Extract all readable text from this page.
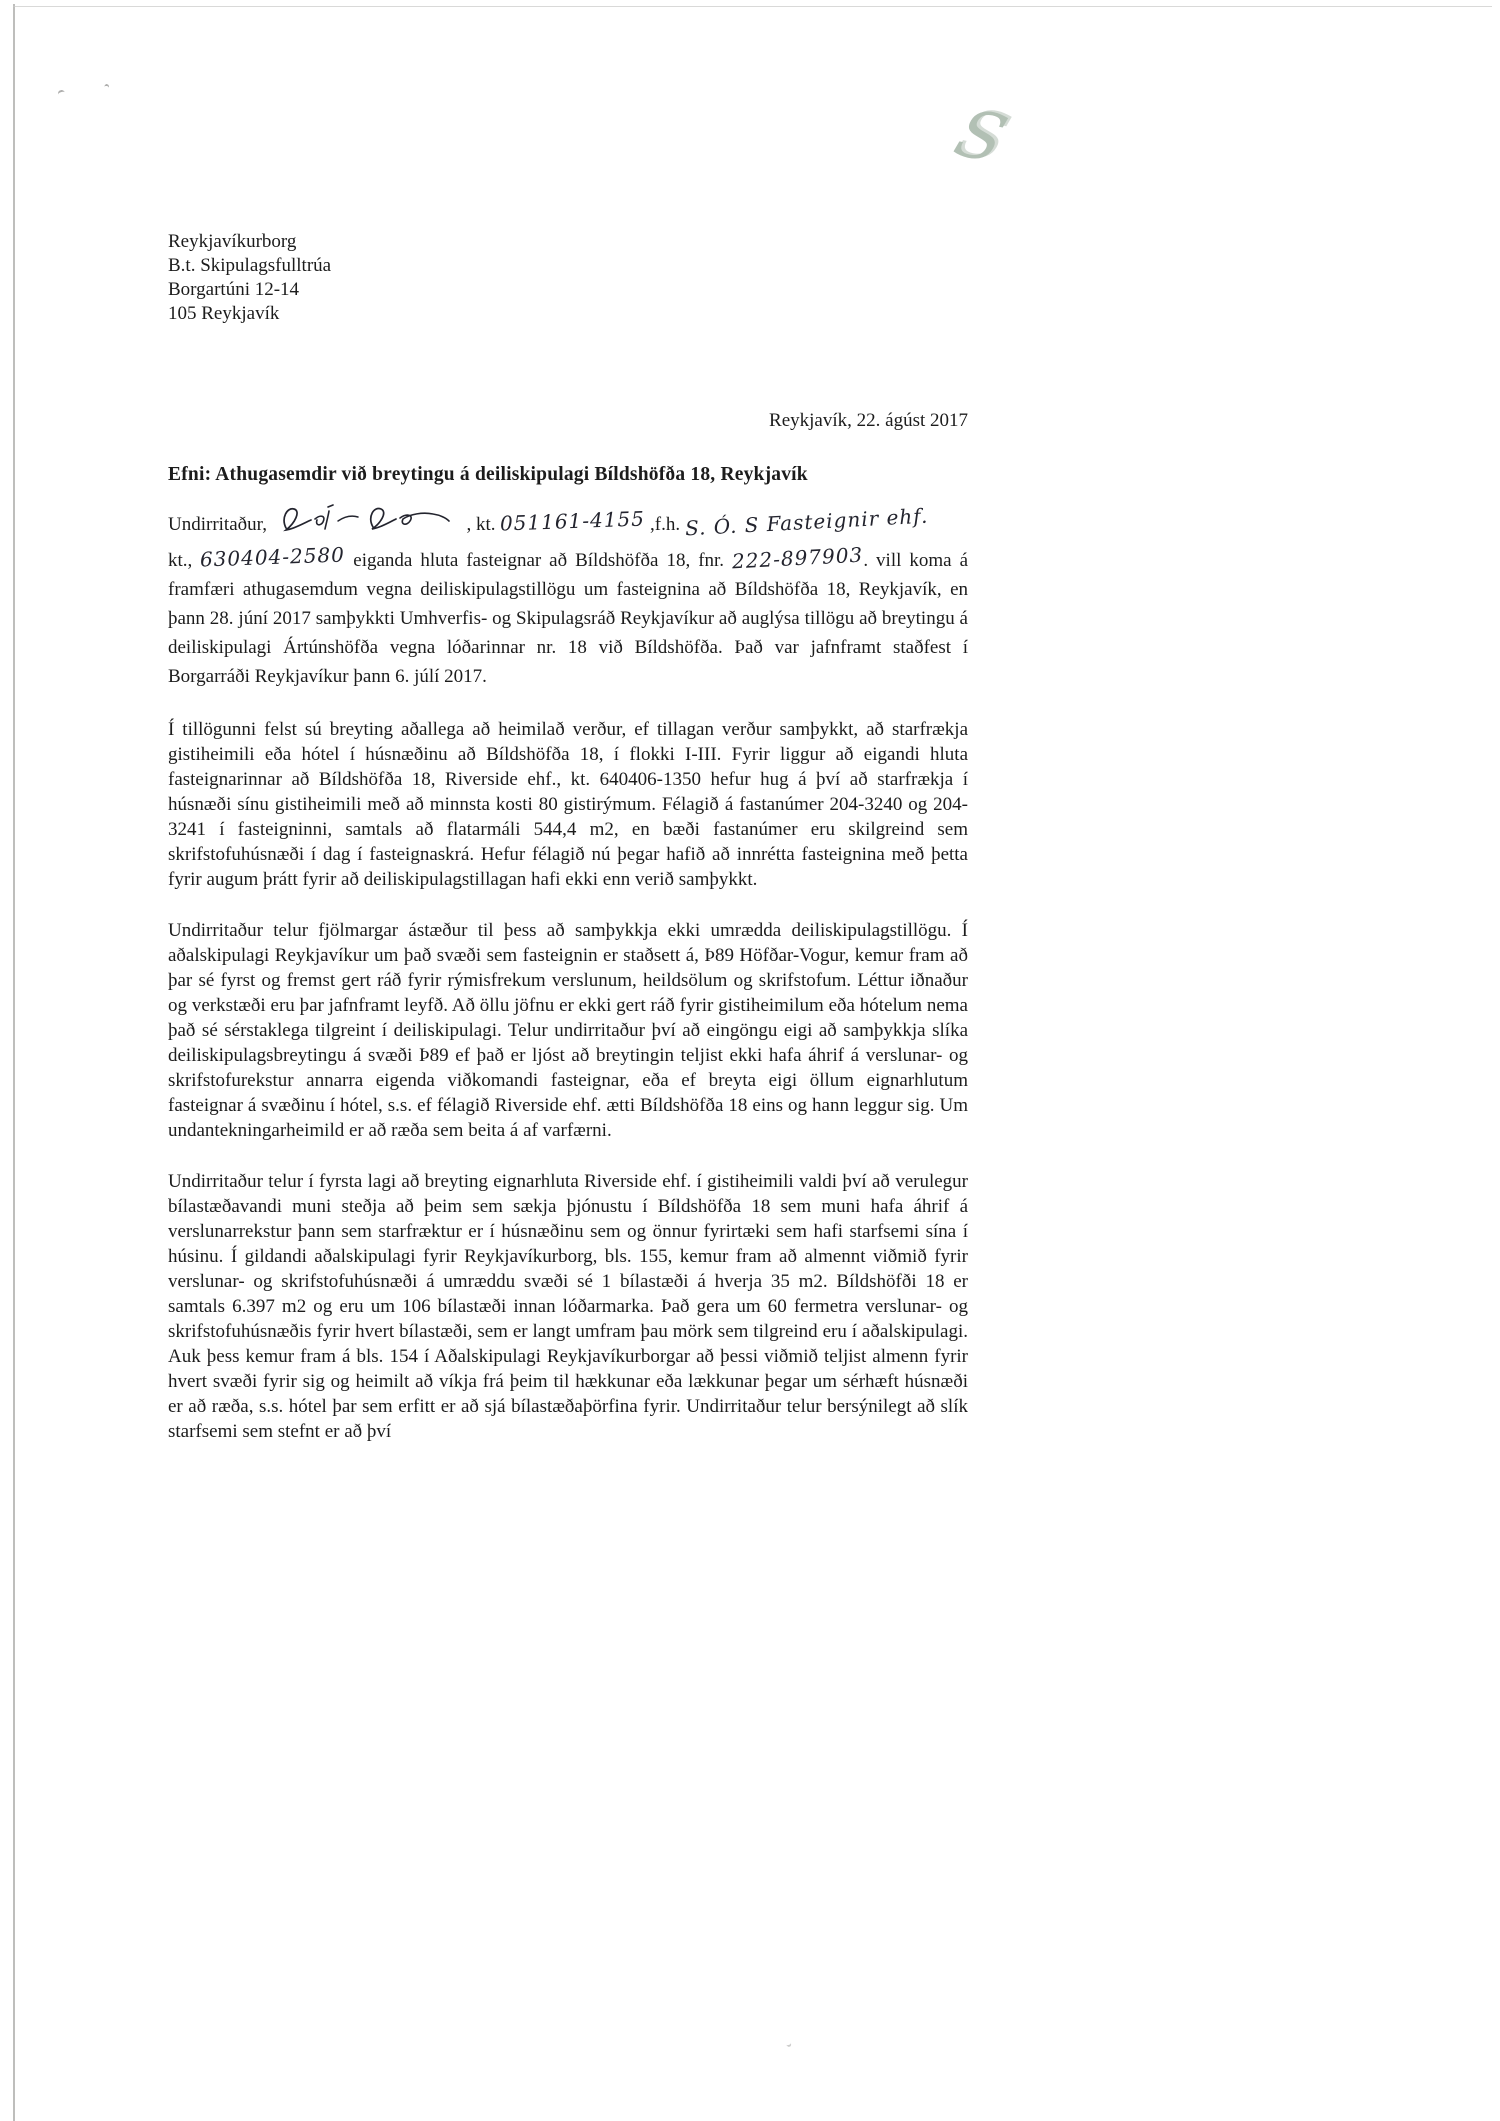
S
Reykjavíkurborg
B.t. Skipulagsfulltrúa
Borgartúni 12-14
105 Reykjavík
Reykjavík, 22. ágúst 2017
Efni: Athugasemdir við breytingu á deiliskipulagi Bíldshöfða 18, Reykjavík

Undirritaður,	, kt. 051161-4155 ,f.h. S. Ó. S Fasteignir ehf.
kt., 630404-2580 eiganda hluta fasteignar að Bíldshöfða 18, fnr. 222-897903. vill koma á framfæri athugasemdum vegna deiliskipulagstillögu um fasteignina að Bíldshöfða 18, Reykjavík, en þann 28. júní 2017 samþykkti Umhverfis- og Skipulagsráð Reykjavíkur að auglýsa tillögu að breytingu á deiliskipulagi Ártúnshöfða vegna lóðarinnar nr. 18 við Bíldshöfða. Það var jafnframt staðfest í Borgarráði Reykjavíkur þann 6. júlí 2017.

Í tillögunni felst sú breyting aðallega að heimilað verður, ef tillagan verður samþykkt, að starfrækja gistiheimili eða hótel í húsnæðinu að Bíldshöfða 18, í flokki I-III. Fyrir liggur að eigandi hluta fasteignarinnar að Bíldshöfða 18, Riverside ehf., kt. 640406-1350 hefur hug á því að starfrækja í húsnæði sínu gistiheimili með að minnsta kosti 80 gistirýmum. Félagið á fastanúmer 204-3240 og 204-3241 í fasteigninni, samtals að flatarmáli 544,4 m2, en bæði fastanúmer eru skilgreind sem skrifstofuhúsnæði í dag í fasteignaskrá. Hefur félagið nú þegar hafið að innrétta fasteignina með þetta fyrir augum þrátt fyrir að deiliskipulagstillagan hafi ekki enn verið samþykkt.

Undirritaður telur fjölmargar ástæður til þess að samþykkja ekki umrædda deiliskipulagstillögu. Í aðalskipulagi Reykjavíkur um það svæði sem fasteignin er staðsett á, Þ89 Höfðar-Vogur, kemur fram að þar sé fyrst og fremst gert ráð fyrir rýmisfrekum verslunum, heildsölum og skrifstofum. Léttur iðnaður og verkstæði eru þar jafnframt leyfð. Að öllu jöfnu er ekki gert ráð fyrir gistiheimilum eða hótelum nema það sé sérstaklega tilgreint í deiliskipulagi. Telur undirritaður því að eingöngu eigi að samþykkja slíka deiliskipulagsbreytingu á svæði Þ89 ef það er ljóst að breytingin teljist ekki hafa áhrif á verslunar- og skrifstofurekstur annarra eigenda viðkomandi fasteignar, eða ef breyta eigi öllum eignarhlutum fasteignar á svæðinu í hótel, s.s. ef félagið Riverside ehf. ætti Bíldshöfða 18 eins og hann leggur sig. Um undantekningarheimild er að ræða sem beita á af varfærni.

Undirritaður telur í fyrsta lagi að breyting eignarhluta Riverside ehf. í gistiheimili valdi því að verulegur bílastæðavandi muni steðja að þeim sem sækja þjónustu í Bíldshöfða 18 sem muni hafa áhrif á verslunarrekstur þann sem starfræktur er í húsnæðinu sem og önnur fyrirtæki sem hafi starfsemi sína í húsinu. Í gildandi aðalskipulagi fyrir Reykjavíkurborg, bls. 155, kemur fram að almennt viðmið fyrir verslunar- og skrifstofuhúsnæði á umræddu svæði sé 1 bílastæði á hverja 35 m2. Bíldshöfði 18 er samtals 6.397 m2 og eru um 106 bílastæði innan lóðarmarka. Það gera um 60 fermetra verslunar- og skrifstofuhúsnæðis fyrir hvert bílastæði, sem er langt umfram þau mörk sem tilgreind eru í aðalskipulagi. Auk þess kemur fram á bls. 154 í Aðalskipulagi Reykjavíkurborgar að þessi viðmið teljist almenn fyrir hvert svæði fyrir sig og heimilt að víkja frá þeim til hækkunar eða lækkunar þegar um sérhæft húsnæði er að ræða, s.s. hótel þar sem erfitt er að sjá bílastæðaþörfina fyrir. Undirritaður telur bersýnilegt að slík starfsemi sem stefnt er að því
